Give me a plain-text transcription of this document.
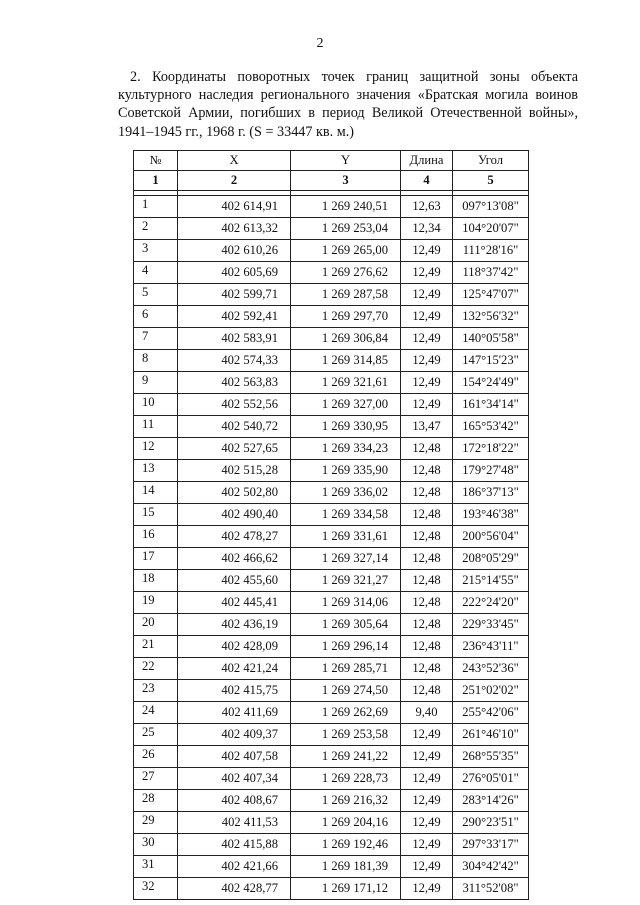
2

2. Координаты поворотных точек границ защитной зоны объекта культурного наследия регионального значения «Братская могила воинов Советской Армии, погибших в период Великой Отечественной войны», 1941–1945 гг., 1968 г. (S = 33447 кв. м.)

№	X	Y	Длина	Угол
1	2	3	4	5

1	402 614,91	1 269 240,51	12,63	097°13'08"
2	402 613,32	1 269 253,04	12,34	104°20'07"
3	402 610,26	1 269 265,00	12,49	111°28'16"
4	402 605,69	1 269 276,62	12,49	118°37'42"
5	402 599,71	1 269 287,58	12,49	125°47'07"
6	402 592,41	1 269 297,70	12,49	132°56'32"
7	402 583,91	1 269 306,84	12,49	140°05'58"
8	402 574,33	1 269 314,85	12,49	147°15'23"
9	402 563,83	1 269 321,61	12,49	154°24'49"
10	402 552,56	1 269 327,00	12,49	161°34'14"
11	402 540,72	1 269 330,95	13,47	165°53'42"
12	402 527,65	1 269 334,23	12,48	172°18'22"
13	402 515,28	1 269 335,90	12,48	179°27'48"
14	402 502,80	1 269 336,02	12,48	186°37'13"
15	402 490,40	1 269 334,58	12,48	193°46'38"
16	402 478,27	1 269 331,61	12,48	200°56'04"
17	402 466,62	1 269 327,14	12,48	208°05'29"
18	402 455,60	1 269 321,27	12,48	215°14'55"
19	402 445,41	1 269 314,06	12,48	222°24'20"
20	402 436,19	1 269 305,64	12,48	229°33'45"
21	402 428,09	1 269 296,14	12,48	236°43'11"
22	402 421,24	1 269 285,71	12,48	243°52'36"
23	402 415,75	1 269 274,50	12,48	251°02'02"
24	402 411,69	1 269 262,69	9,40	255°42'06"
25	402 409,37	1 269 253,58	12,49	261°46'10"
26	402 407,58	1 269 241,22	12,49	268°55'35"
27	402 407,34	1 269 228,73	12,49	276°05'01"
28	402 408,67	1 269 216,32	12,49	283°14'26"
29	402 411,53	1 269 204,16	12,49	290°23'51"
30	402 415,88	1 269 192,46	12,49	297°33'17"
31	402 421,66	1 269 181,39	12,49	304°42'42"
32	402 428,77	1 269 171,12	12,49	311°52'08"
